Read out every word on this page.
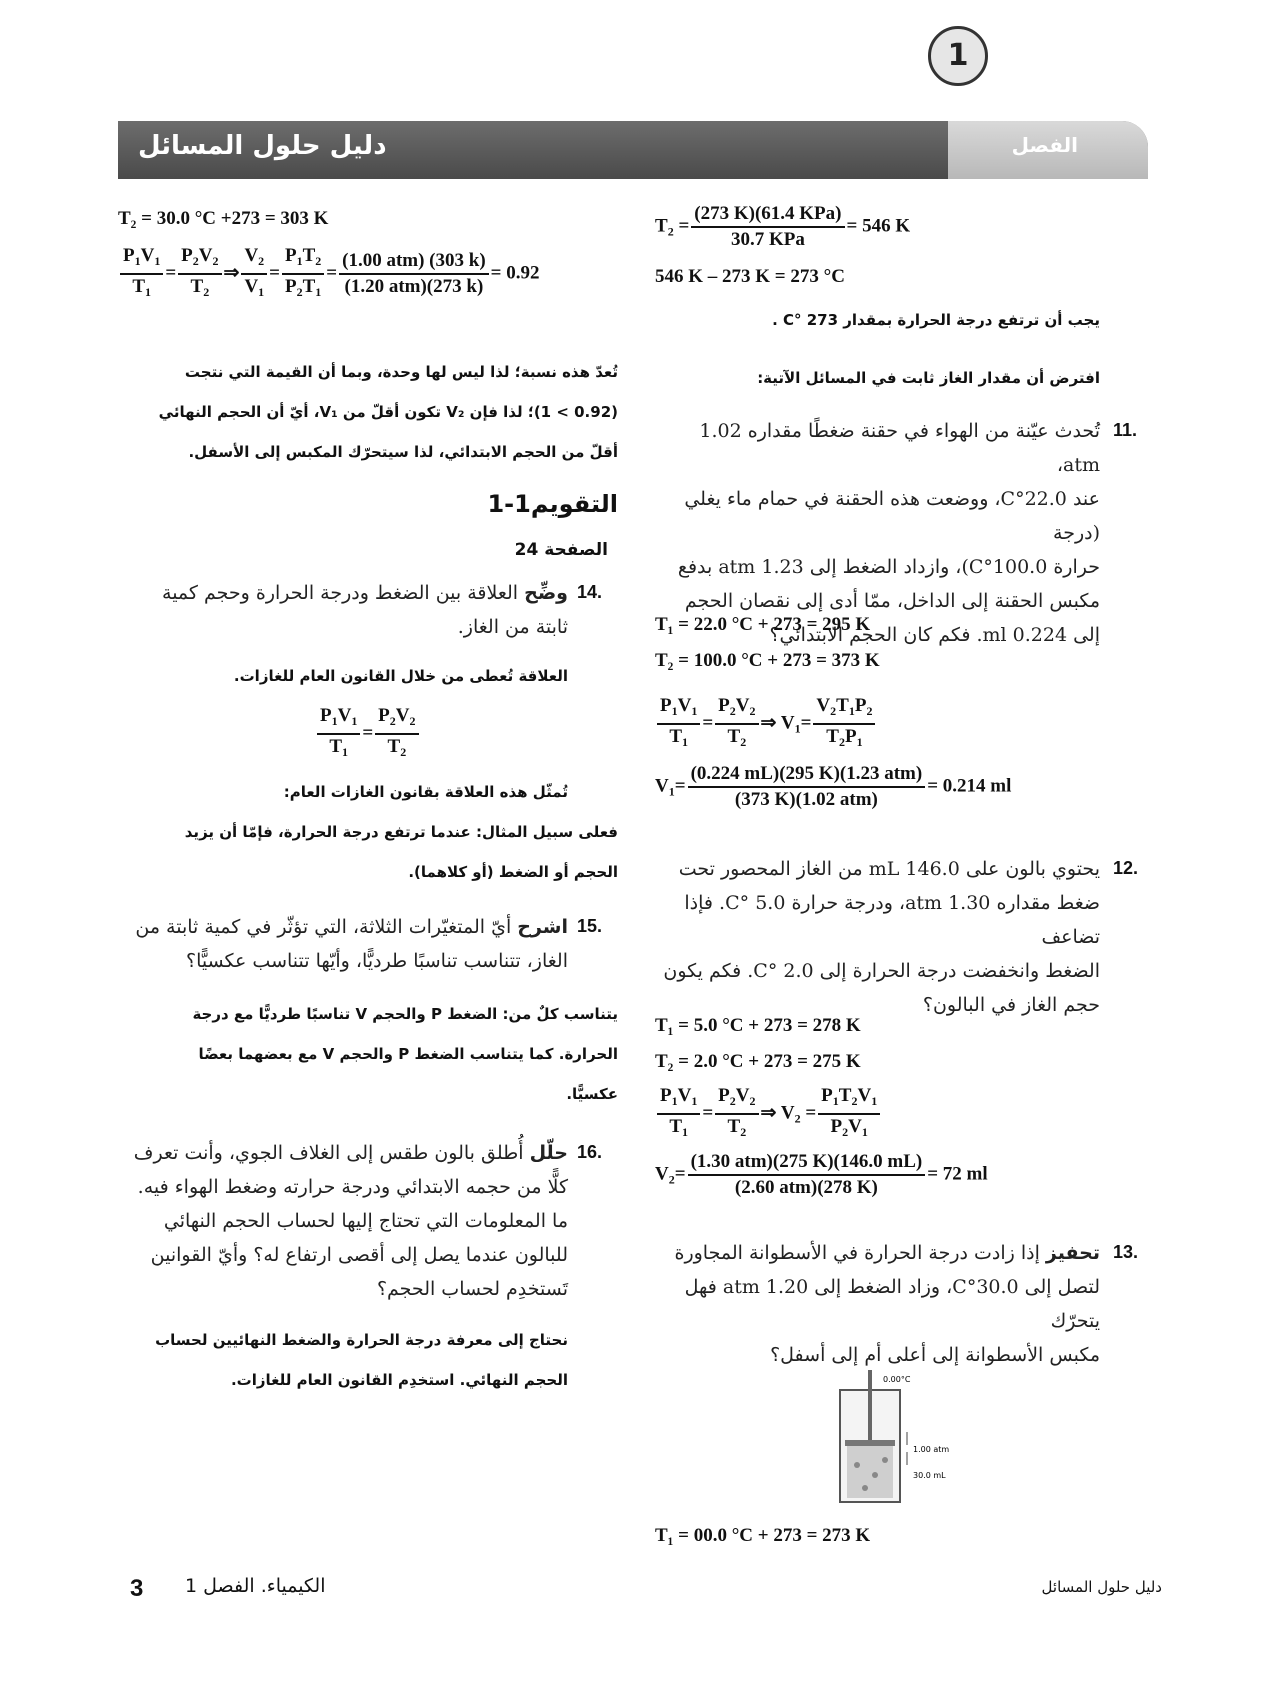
دليل حلول المسائل	الفصل
1
T₂ = 30.0 °C +273 = 303 K
$\frac{P_1V_1}{T_1} = \frac{P_2V_2}{T_2}$ ⇒ $\frac{V_2}{V_1} = \frac{P_1T_2}{P_2T_1} = \frac{\text{(1.00 atm) (303 k)}}{\text{(1.20 atm)(273 k)}} = 0.92$
تُعدّ هذه نسبة؛ لذا ليس لها وحدة، وبما أن القيمة التي نتجت
(0.92 > 1)؛ لذا فإن V₂ تكون أقلّ من V₁، أيّ أن الحجم النهائي
أقلّ من الحجم الابتدائي، لذا سيتحرّك المكبس إلى الأسفل.
التقويم1-1
الصفحة 24
14.
وضِّح العلاقة بين الضغط ودرجة الحرارة وحجم كمية
ثابتة من الغاز.
العلاقة تُعطى من خلال القانون العام للغازات.
$\frac{P_1V_1}{T_1} = \frac{P_2V_2}{T_2}$
تُمثّل هذه العلاقة بقانون الغازات العام:
فعلى سبيل المثال: عندما ترتفع درجة الحرارة، فإمّا أن يزيد
الحجم أو الضغط (أو كلاهما).
15.
اشرح أيّ المتغيّرات الثلاثة، التي تؤثّر في كمية ثابتة من
الغاز، تتناسب تناسبًا طرديًّا، وأيّها تتناسب عكسيًّا؟
يتناسب كلٌ من: الضغط P والحجم V تناسبًا طرديًّا مع درجة
الحرارة. كما يتناسب الضغط P والحجم V مع بعضهما بعضًا
عكسيًّا.
16.
حلّل أُطلق بالون طقس إلى الغلاف الجوي، وأنت تعرف
كلًّا من حجمه الابتدائي ودرجة حرارته وضغط الهواء فيه.
ما المعلومات التي تحتاج إليها لحساب الحجم النهائي
للبالون عندما يصل إلى أقصى ارتفاع له؟ وأيّ القوانين
تَستخدِم لحساب الحجم؟
نحتاج إلى معرفة درجة الحرارة والضغط النهائيين لحساب
الحجم النهائي. استخدِم القانون العام للغازات.
$T_2 = \frac{\text{(273 K)(61.4 KPa)}}{\text{30.7 KPa}} = 546$ K
546 K – 273 K = 273 °C
يجب أن ترتفع درجة الحرارة بمقدار 273 °C .
افترض أن مقدار الغاز ثابت في المسائل الآتية:
11.
تُحدث عيّنة من الهواء في حقنة ضغطًا مقداره 1.02 atm،
عند 22.0°C، ووضعت هذه الحقنة في حمام ماء يغلي (درجة
حرارة 100.0°C)، وازداد الضغط إلى 1.23 atm بدفع
مكبس الحقنة إلى الداخل، ممّا أدى إلى نقصان الحجم
إلى 0.224 ml. فكم كان الحجم الابتدائي؟
T₁ = 22.0 °C + 273 = 295 K
T₂ = 100.0 °C + 273 = 373 K
$\frac{P_1V_1}{T_1} = \frac{P_2V_2}{T_2}$ ⇒ $V_1= \frac{V_2T_1P_2}{T_2P_1}$
$V_1= \frac{\text{(0.224 mL)(295 K)(1.23 atm)}}{\text{(373 K)(1.02 atm)}} = 0.214$ ml
12.
يحتوي بالون على 146.0 mL من الغاز المحصور تحت
ضغط مقداره 1.30 atm، ودرجة حرارة 5.0 °C. فإذا تضاعف
الضغط وانخفضت درجة الحرارة إلى 2.0 °C. فكم يكون
حجم الغاز في البالون؟
T₁ = 5.0 °C + 273 = 278 K
T₂ = 2.0 °C + 273 = 275 K
$\frac{P_1V_1}{T_1} = \frac{P_2V_2}{T_2}$ ⇒ $V_2 = \frac{P_1T_2V_1}{P_2V_1}$
$V_2= \frac{\text{(1.30 atm)(275 K)(146.0 mL)}}{\text{(2.60 atm)(278 K)}} = 72$ ml
13.
تحفيز إذا زادت درجة الحرارة في الأسطوانة المجاورة
لتصل إلى 30.0°C، وزاد الضغط إلى 1.20 atm فهل يتحرّك
مكبس الأسطوانة إلى أعلى أم إلى أسفل؟
0.00°C
1.00 atm
30.0 mL
T₁ = 00.0 °C + 273 = 273 K
3 الكيمياء. الفصل 1	دليل حلول المسائل
